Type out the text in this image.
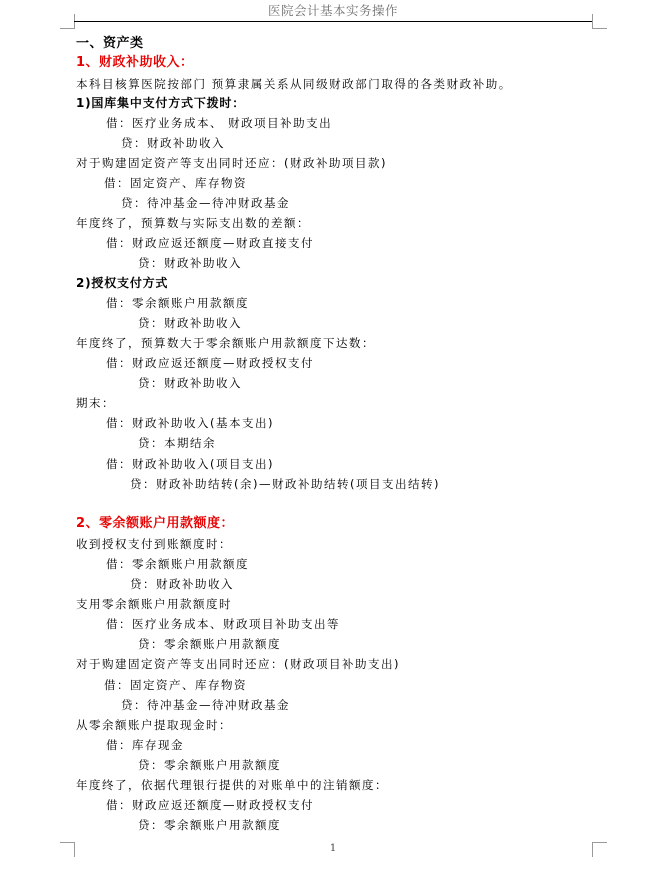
医院会计基本实务操作
一、资产类
1、财政补助收入：
本科目核算医院按部门 预算隶属关系从同级财政部门取得的各类财政补助。
1)国库集中支付方式下拨时：
借：医疗业务成本、 财政项目补助支出
贷：财政补助收入
对于购建固定资产等支出同时还应：(财政补助项目款)
借：固定资产、库存物资
贷：待冲基金—待冲财政基金
年度终了，预算数与实际支出数的差额：
借：财政应返还额度—财政直接支付
贷：财政补助收入
2)授权支付方式
借：零余额账户用款额度
贷：财政补助收入
年度终了，预算数大于零余额账户用款额度下达数：
借：财政应返还额度—财政授权支付
贷：财政补助收入
期末：
借：财政补助收入(基本支出)
贷：本期结余
借：财政补助收入(项目支出)
贷：财政补助结转(余)—财政补助结转(项目支出结转)
2、零余额账户用款额度：
收到授权支付到账额度时：
借：零余额账户用款额度
贷：财政补助收入
支用零余额账户用款额度时
借：医疗业务成本、财政项目补助支出等
贷：零余额账户用款额度
对于购建固定资产等支出同时还应：(财政项目补助支出)
借：固定资产、库存物资
贷：待冲基金—待冲财政基金
从零余额账户提取现金时：
借：库存现金
贷：零余额账户用款额度
年度终了，依据代理银行提供的对账单中的注销额度：
借：财政应返还额度—财政授权支付
贷：零余额账户用款额度
1
